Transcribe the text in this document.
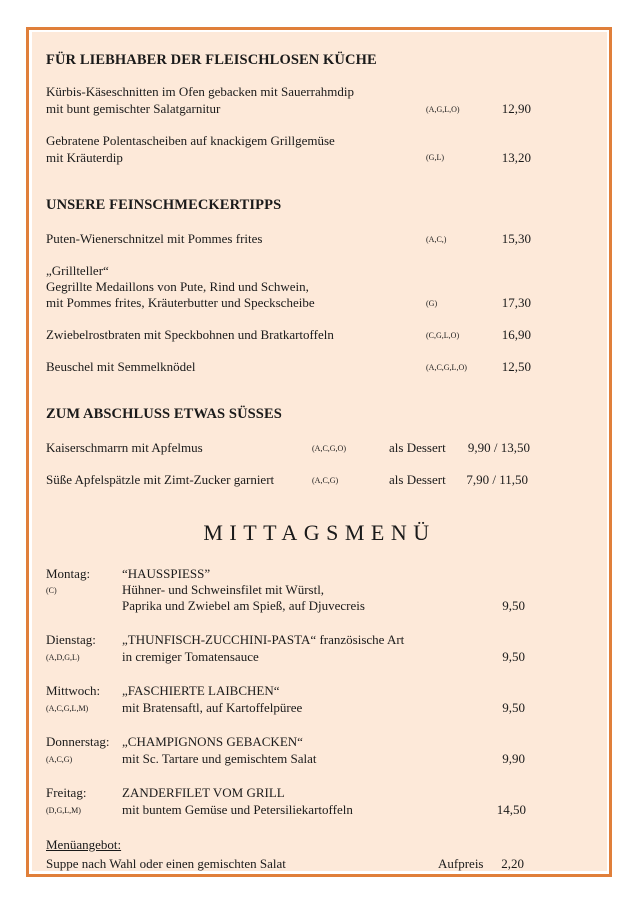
FÜR LIEBHABER DER FLEISCHLOSEN KÜCHE
Kürbis-Käseschnitten im Ofen gebacken mit Sauerrahmdip
mit bunt gemischter Salatgarnitur	(A,G,L,O)	12,90
Gebratene Polentascheiben auf knackigem Grillgemüse
mit Kräuterdip	(G,L)	13,20
UNSERE FEINSCHMECKERTIPPS
Puten-Wienerschnitzel mit Pommes frites	(A,C,)	15,30
„Grillteller“
Gegrillte Medaillons von Pute, Rind und Schwein,
mit Pommes frites, Kräuterbutter und Speckscheibe	(G)	17,30
Zwiebelrostbraten mit Speckbohnen und Bratkartoffeln	(C,G,L,O)	16,90
Beuschel mit Semmelknödel	(A,C,G,L,O)	12,50
ZUM ABSCHLUSS ETWAS SÜSSES
Kaiserschmarrn mit Apfelmus	(A,C,G,O)	als Dessert 9,90 / 13,50
Süße Apfelspätzle mit Zimt-Zucker garniert	(A,C,G)	als Dessert 7,90 / 11,50
MITTAGSMENÜ
Montag:
(C)
“HAUSSPIESS”
Hühner- und Schweinsfilet mit Würstl,
Paprika und Zwiebel am Spieß, auf Djuvecreis	9,50
Dienstag:
(A,D,G,L)
„THUNFISCH-ZUCCHINI-PASTA“ französische Art
in cremiger Tomatensauce	9,50
Mittwoch:
(A,C,G,L,M)
„FASCHIERTE LAIBCHEN“
mit Bratensaftl, auf Kartoffelpüree	9,50
Donnerstag:
(A,C,G)
„CHAMPIGNONS GEBACKEN“
mit Sc. Tartare und gemischtem Salat	9,90
Freitag:
(D,G,L,M)
ZANDERFILET VOM GRILL
mit buntem Gemüse und Petersiliekartoffeln	14,50
Menüangebot:
Suppe nach Wahl oder einen gemischten Salat	Aufpreis 2,20
